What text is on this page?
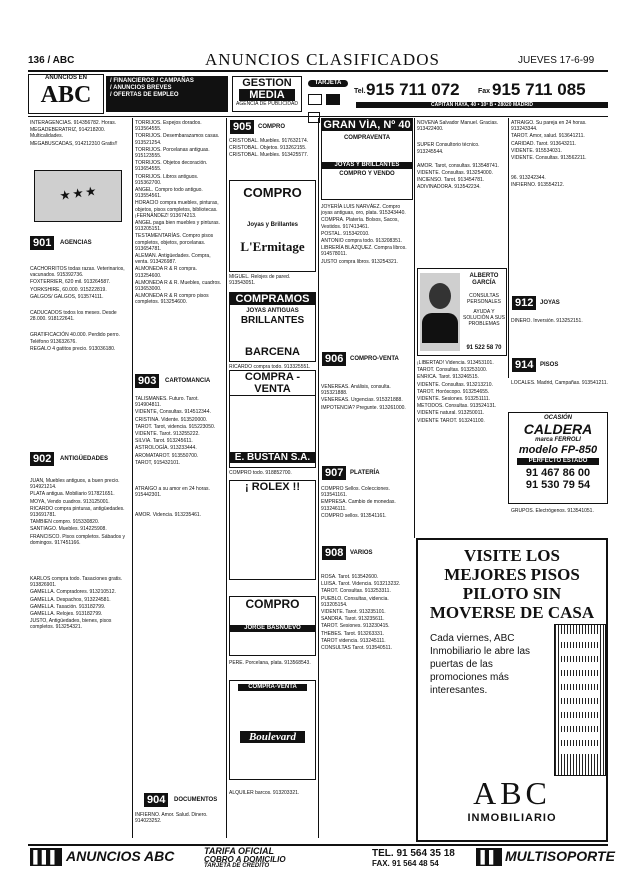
136 / ABC	ANUNCIOS CLASIFICADOS	JUEVES 17-6-99
ANUNCIOS EN
ABC
/ FINANCIEROS / CAMPAÑAS
/ ANUNCIOS BREVES
/ OFERTAS DE EMPLEO
GESTION
MEDIA
AGENCIA DE PUBLICIDAD
TARJETA

Tel. 915 711 072	Fax 915 711 085
CAPITÁN HAYA, 40 • 10ª B • 28020 MADRID
INTERAGENCIAS. 914356782. Horas.
MEGADEBERATRIZ, 914218200. Multicalidades.
MEGABUSCADAS, 914212310 Gratis!!
★ ★ ★
901	AGENCIAS
CACHORRITOS todas razas. Veterinarios, vacunados. 915392736.
FOXTERRIER, 620 mil. 913264587.
YORKSHIRE, 60.000. 915222819.
GALGOS/ GALGOS, 913574111.
CADUCADOS todos los meses. Desde 28.000. 918122641.
GRATIFICACIÓN 40.000. Perdido perro. Teléfono 913632676.
REGALO 4 gatitos precio. 913036180.
902	ANTIGÜEDADES
JUAN, Muebles antiguos, a buen precio. 914921214.
PLATA antigua. Mobiliario 917821651.
MOYA, Vendo cuadros. 913125001.
RICARDO compra pinturas, antigüedades. 913691781.
TAMBIEN compro. 915330820.
SANTIAGO. Muebles. 914225908.
FRANCISCO. Pisos completos. Sábados y domingos. 917451166.
KARLOS compra todo. Tasaciones gratis. 913826901.
GAMELLA. Compradores. 913210512.
GAMELLA. Despachos, 913224581.
GAMELLA. Tasación. 913182799.
GAMELLA. Relojes. 913182799.
JUSTO, Antigüedades, bienes, pisos completos. 913254321.
TORRIJOS. Espejos dorados. 913564555.
TORRIJOS. Desembarazamos casas. 913521254.
TORRIJOS. Porcelanas antiguas. 915123555.
TORRIJOS. Objetos decoración. 913654555.
TORRIJOS. Libros antiguos. 915362700.
ANGEL. Compro todo antiguo. 913554561.
HORACIO compra muebles, pinturas, objetos, pisos completos, bibliotecas. ¡FERNÁNDEZ! 913674213.
ANGEL paga bien muebles y pinturas. 913205151.
TESTAMENTARÍAS. Compro pisos completos, objetos, porcelanas. 913654781.
ALEMAN. Antigüedades. Compra, venta. 913426987.
ALMONEDA R & R compra. 913254600.
ALMONEDA R & R. Muebles, cuadros. 913653000.
ALMONEDA R & R compro pisos completos. 913254600.
903	CARTOMANCIA
TALISMANES. Futuro. Tarot. 914904811.
VIDENTE, Consultas. 914512344.
CRISTINA. Vidente. 913520000.
TAROT. Tarot, videncia. 915223050.
VIDENTE. Tarot. 913255222.
SILVIA. Tarot. 913245611.
ASTROLOGÍA. 913233444.
AROMATAROT. 913550700.
TAROT, 915432101.
ATRAIGO a su amor en 24 horas. 915442301.
AMOR. Videncia. 913235461.
904	DOCUMENTOS
INFIERNO. Amor. Salud. Dinero. 914023252.
905	COMPRO
CRISTOBAL. Muebles. 917632174.
CRISTOBAL. Objetos. 913262155.
CRISTOBAL. Muebles. 913425577.
COMPRO
Joyas y Brillantes
L'Ermitage
MIGUEL. Relojes de pared. 913543051.
COMPRAMOS
JOYAS ANTIGUAS
BRILLANTES
BARCENA
RICARDO compra todo. 913325551.
COMPRA - VENTA
E. BUSTAN S.A.
COMPRO todo. 918852700.
¡ ROLEX !!
COMPRO
JORGE BASNUEVO
PERE. Porcelana, plata. 913568543.
COMPRA-VENTA
Boulevard
ALQUILER barcos. 913203321.
GRAN VÍA, Nº 40
COMPRAVENTA
JOYAS Y BRILLANTES
COMPRO Y VENDO
JOYERÍA LUIS NARVÁEZ. Compro joyas antiguas, oro, plata. 915343440.
COMPRA. Platería. Bolsos, Sacos, Vestidos. 917413461.
POSTAL. 915342010.
ANTONIO compra todo. 913208351.
LIBRERÍA BLÁZQUEZ. Compra libros. 914578011.
JUSTO compra libros. 913254321.
906	COMPRO-VENTA
VENEREAS. Análisis, consulta. 915321888.
VENEREAS. Urgencias. 915321888.
IMPOTENCIA? Pregunte. 913261000.
907	PLATERÍA
COMPRO Sellos. Colecciones. 913541161.
EMPRESA. Cambio de monedas. 913246111.
COMPRO sellos. 913541161.
908	VARIOS
ROSA. Tarot. 913542600.
LUISA. Tarot. Videncia. 913213232.
TAROT. Consultas. 913253311.
PUEBLO. Consultas, videncia. 913205154.
VIDENTE. Tarot. 913235101.
SANDRA. Tarot. 913235611.
TAROT. Sesiones. 913230415.
THEBES. Tarot. 913263331.
TAROT videncia. 913245111.
CONSULTAS Tarot. 913540511.
NOVENA Salvador Manuel. Gracias. 913422400.
SUPER Consultorio técnico. 913245544.
AMOR. Tarot, consultas. 913548741.
VIDENTE. Consultas. 913254000.
INCIENSO. Tarot. 913454781.
ADIVINADORA. 913542234.
ALBERTO GARCÍA
CONSULTAS PERSONALES
AYUDA Y SOLUCIÓN A SUS PROBLEMAS
91 522 58 70
¡LIBERTAD! Videncia. 913453101.
TAROT. Consultas. 913253100.
ENRICA. Tarot. 913246515.
VIDENTE. Consultas. 913213210.
TAROT. Horóscopo. 913254655.
VIDENTE. Sesiones. 913251111.
METODOS. Consultas. 913524131.
VIDENTE natural. 913250011.
VIDENTE TAROT. 913241100.
ATRAIGO. Su pareja en 24 horas. 913243344.
TAROT. Amor, salud. 913641211.
CARIDAD. Tarot. 913643211.
VIDENTE. 915534031.
VIDENTE. Consultas. 913562211.
96. 913242344.
INFIERNO. 913554212.
912	JOYAS
DINERO. Inversión. 913252151.
914	PISOS
LOCALES. Madrid, Campañas. 913541211.
OCASIÓN
CALDERA
marca FERROLI
modelo FP-850
PERFECTO ESTADO
91 467 86 00
91 530 79 54
GRUPOS. Electrógenos. 913541051.
VISITE LOS
MEJORES PISOS
PILOTO SIN
MOVERSE DE CASA
Cada viernes, ABC Inmobiliario le abre las puertas de las promociones más interesantes.
ABC
INMOBILIARIO
▌▌▌ ANUNCIOS ABC	TARIFA OFICIAL
COBRO A DOMICILIO
TARJETA DE CRÉDITO
TEL. 91 564 35 18
FAX. 91 564 48 54	▌▌ MULTISOPORTE
